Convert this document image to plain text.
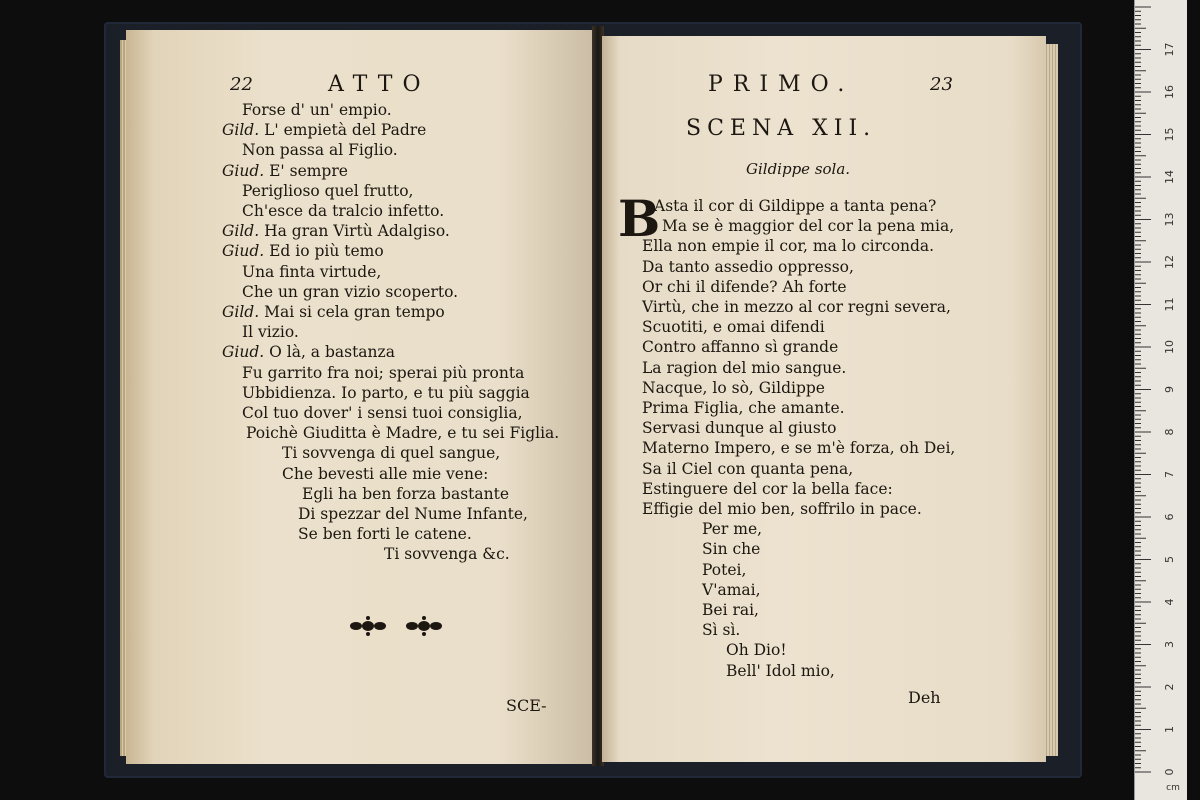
22	ATTO
Forse d' un' empio.
Gild. L' empietà del Padre
Non passa al Figlio.
Giud. E' sempre
Periglioso quel frutto,
Ch'esce da tralcio infetto.
Gild. Ha gran Virtù Adalgiso.
Giud. Ed io più temo
Una finta virtude,
Che un gran vizio scoperto.
Gild. Mai si cela gran tempo
Il vizio.
Giud. O là, a bastanza
Fu garrito fra noi; sperai più pronta
Ubbidienza. Io parto, e tu più saggia
Col tuo dover' i sensi tuoi consiglia,
Poichè Giuditta è Madre, e tu sei Figlia.
Ti sovvenga di quel sangue,
Che bevesti alle mie vene:
Egli ha ben forza bastante
Di spezzar del Nume Infante,
Se ben forti le catene.
Ti sovvenga &c.
SCE-
PRIMO.	23
SCENA XII.
Gildippe sola.
B
Asta il cor di Gildippe a tanta pena?
Ma se è maggior del cor la pena mia,
Ella non empie il cor, ma lo circonda.
Da tanto assedio oppresso,
Or chi il difende? Ah forte
Virtù, che in mezzo al cor regni severa,
Scuotiti, e omai difendi
Contro affanno sì grande
La ragion del mio sangue.
Nacque, lo sò, Gildippe
Prima Figlia, che amante.
Servasi dunque al giusto
Materno Impero, e se m'è forza, oh Dei,
Sa il Ciel con quanta pena,
Estinguere del cor la bella face:
Effigie del mio ben, soffrilo in pace.
Per me,
Sin che
Potei,
V'amai,
Bei rai,
Sì sì.
Oh Dio!
Bell' Idol mio,
Deh
0
1
2
3
4
5
6
7
8
9
10
11
12
13
14
15
16
17
cm
